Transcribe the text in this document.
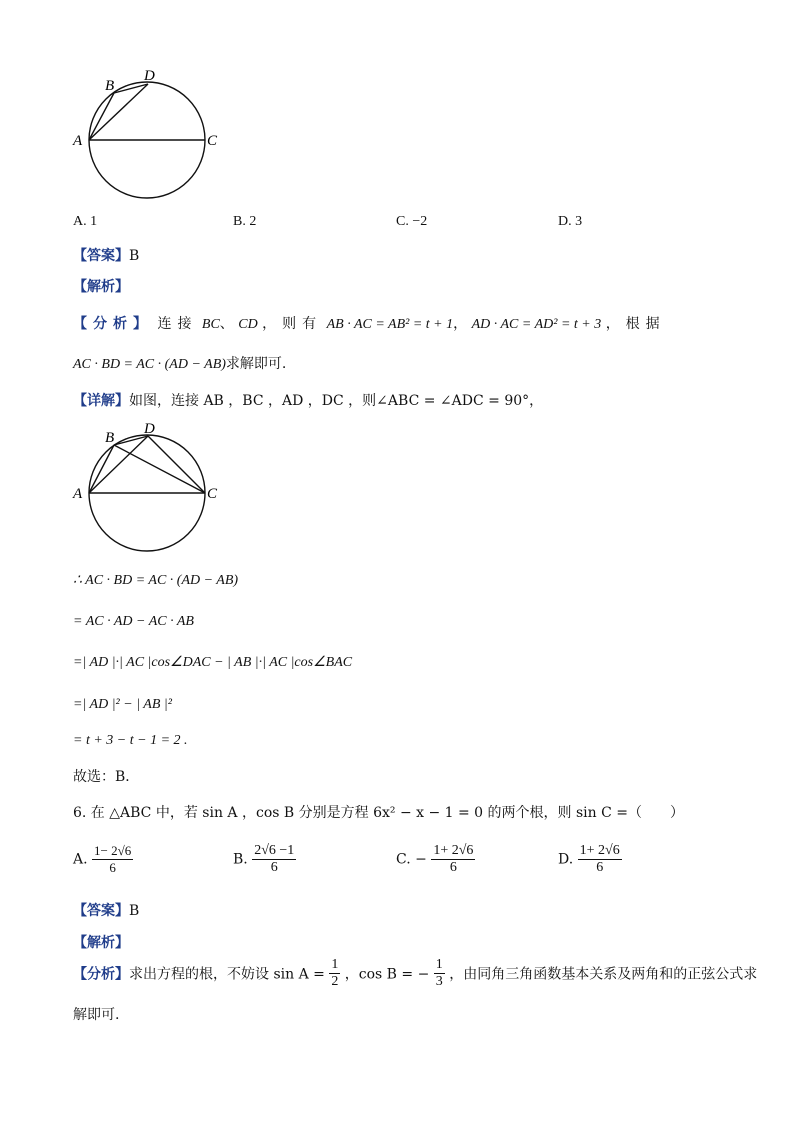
A
B
D
C
A. 1	B. 2	C. −2	D. 3
【答案】B
【解析】
【分析】 连接 BC、 CD ，则有 AB · AC = AB² = t + 1， AD · AC = AD² = t + 3 ，根据
AC · BD = AC · (AD − AB)求解即可.
【详解】如图，连接 AB ，BC ，AD ，DC ，则∠ABC = ∠ADC = 90°，
A
B
D
C
∴ AC · BD = AC · (AD − AB)
= AC · AD − AC · AB
=| AD |·| AC |cos∠DAC − | AB |·| AC |cos∠BAC
=| AD |² − | AB |²
= t + 3 − t − 1 = 2 .
故选：B．
6. 在 △ABC 中，若 sin A ，cos B 分别是方程 6x² − x − 1 = 0 的两个根，则 sin C =（　　）
A. $\frac{1- 2√6}{6}$	B. $\frac{2√6 -1}{6}$	C. − $\frac{1+ 2√6}{6}$	D. $\frac{1+ 2√6}{6}$
【答案】B
【解析】
【分析】求出方程的根，不妨设 $\sin A = \frac{1}{2}$ ，cos B = − $\frac{1}{3}$ ，由同角三角函数基本关系及两角和的正弦公式求
解即可.
